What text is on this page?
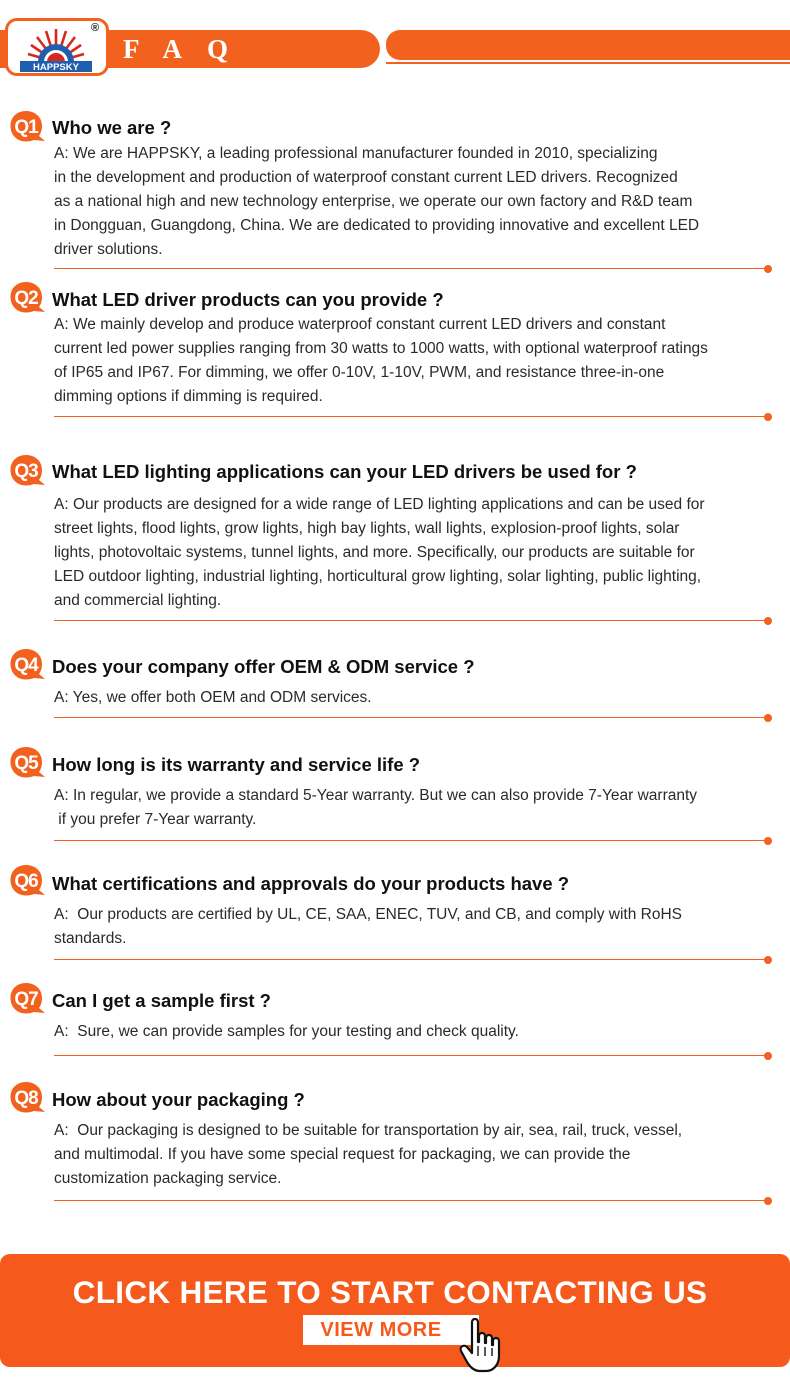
FAQ
HAPPSKY
®
Q1 Who we are ?
A: We are HAPPSKY, a leading professional manufacturer founded in 2010, specializing
in the development and production of waterproof constant current LED drivers. Recognized
as a national high and new technology enterprise, we operate our own factory and R&D team
in Dongguan, Guangdong, China. We are dedicated to providing innovative and excellent LED
driver solutions.
Q2 What LED driver products can you provide ?
A: We mainly develop and produce waterproof constant current LED drivers and constant
current led power supplies ranging from 30 watts to 1000 watts, with optional waterproof ratings
of IP65 and IP67. For dimming, we offer 0-10V, 1-10V, PWM, and resistance three-in-one
dimming options if dimming is required.
Q3 What LED lighting applications can your LED drivers be used for ?
A: Our products are designed for a wide range of LED lighting applications and can be used for
street lights, flood lights, grow lights, high bay lights, wall lights, explosion-proof lights, solar
lights, photovoltaic systems, tunnel lights, and more. Specifically, our products are suitable for
LED outdoor lighting, industrial lighting, horticultural grow lighting, solar lighting, public lighting,
and commercial lighting.
Q4 Does your company offer OEM & ODM service ?
A: Yes, we offer both OEM and ODM services.
Q5 How long is its warranty and service life ?
A: In regular, we provide a standard 5-Year warranty. But we can also provide 7-Year warranty
if you prefer 7-Year warranty.
Q6 What certifications and approvals do your products have ?
A:  Our products are certified by UL, CE, SAA, ENEC, TUV, and CB, and comply with RoHS
standards.
Q7 Can I get a sample first ?
A:  Sure, we can provide samples for your testing and check quality.
Q8 How about your packaging ?
A:  Our packaging is designed to be suitable for transportation by air, sea, rail, truck, vessel,
and multimodal. If you have some special request for packaging, we can provide the
customization packaging service.
CLICK HERE TO START CONTACTING US
VIEW MORE
